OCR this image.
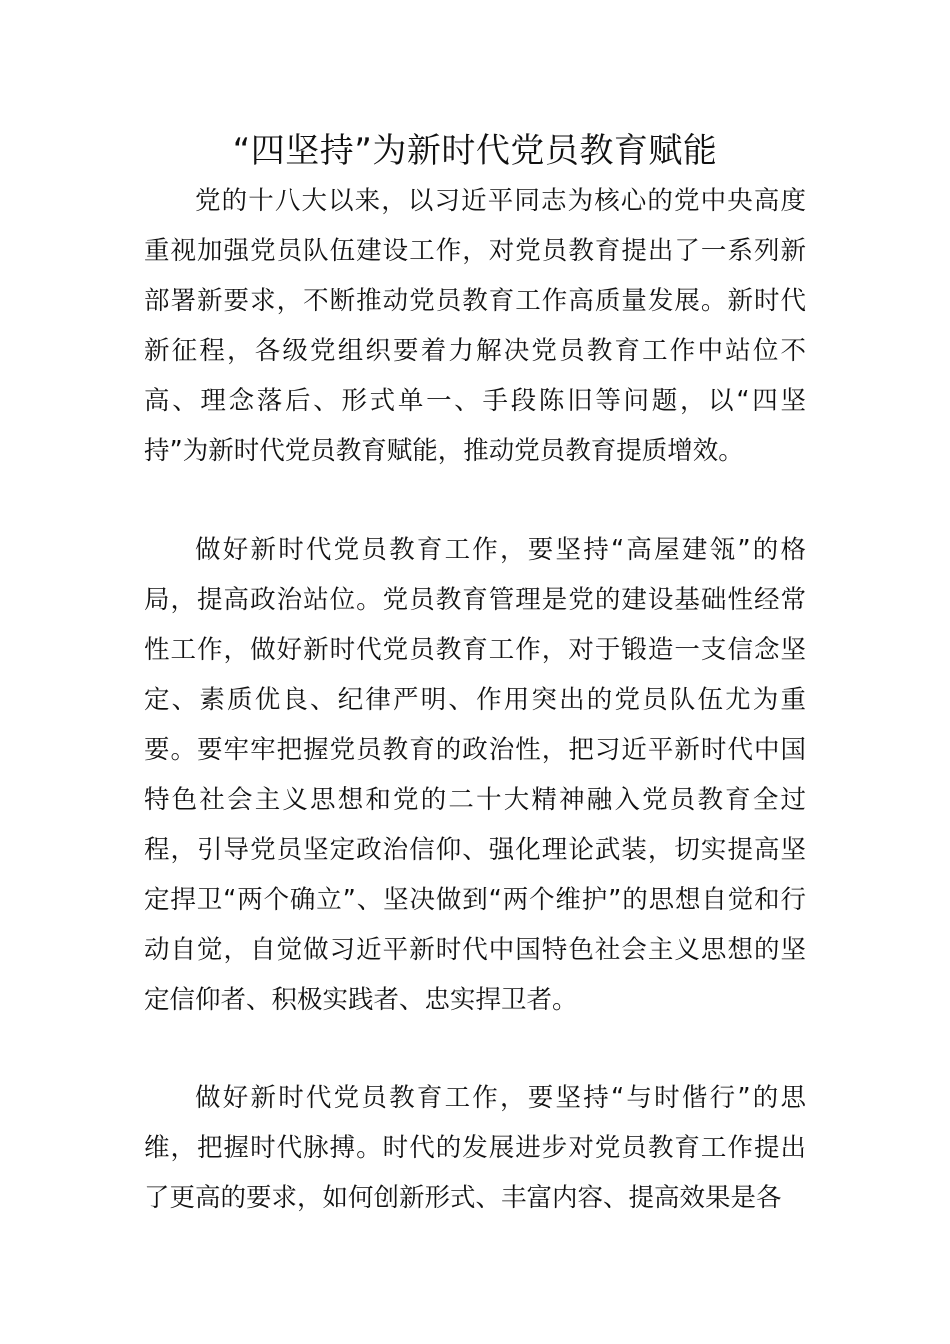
“四坚持”为新时代党员教育赋能

党的十八大以来，以习近平同志为核心的党中央高度重视加强党员队伍建设工作，对党员教育提出了一系列新部署新要求，不断推动党员教育工作高质量发展。新时代新征程，各级党组织要着力解决党员教育工作中站位不高、理念落后、形式单一、手段陈旧等问题，以“四坚持”为新时代党员教育赋能，推动党员教育提质增效。

做好新时代党员教育工作，要坚持“高屋建瓴”的格局，提高政治站位。党员教育管理是党的建设基础性经常性工作，做好新时代党员教育工作，对于锻造一支信念坚定、素质优良、纪律严明、作用突出的党员队伍尤为重要。要牢牢把握党员教育的政治性，把习近平新时代中国特色社会主义思想和党的二十大精神融入党员教育全过程，引导党员坚定政治信仰、强化理论武装，切实提高坚定捍卫“两个确立”、坚决做到“两个维护”的思想自觉和行动自觉，自觉做习近平新时代中国特色社会主义思想的坚定信仰者、积极实践者、忠实捍卫者。

做好新时代党员教育工作，要坚持“与时偕行”的思维，把握时代脉搏。时代的发展进步对党员教育工作提出了更高的要求，如何创新形式、丰富内容、提高效果是各
